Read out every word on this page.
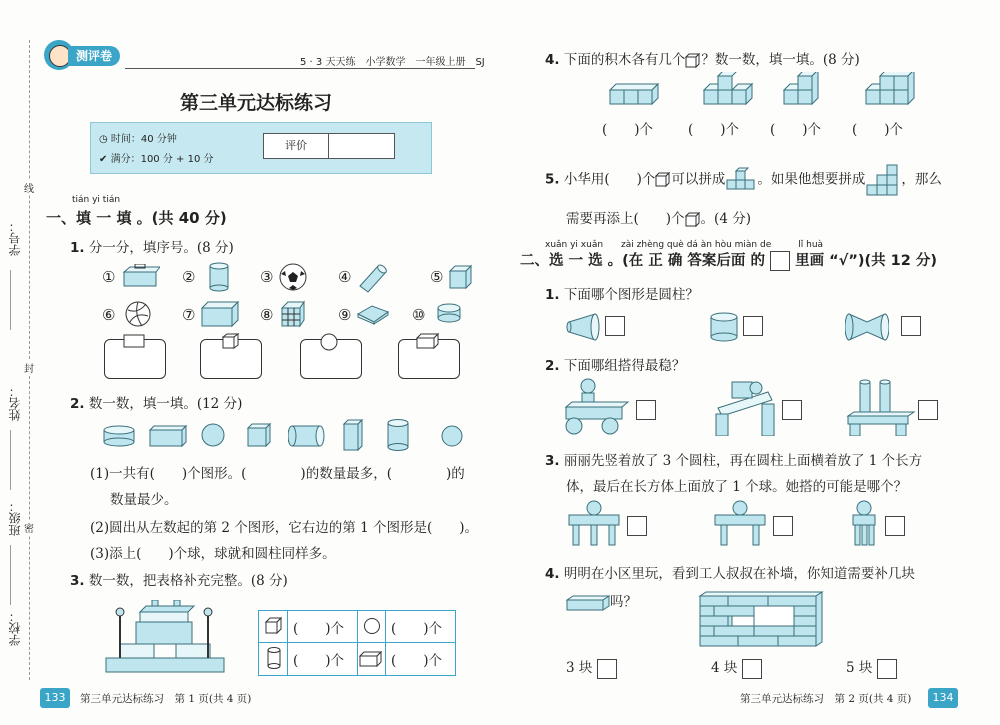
学号：
线
姓名：
封
班级： 密
学校：
测评卷	5 · 3 天天练　小学数学　一年级上册　SJ
第三单元达标练习
◷ 时间：40 分钟
✔ 满分：100 分 + 10 分
评价
tián yi tián
一、填 一 填 。(共 40 分)
1. 分一分，填序号。(8 分)
①	②	③	④	⑤
⑥	⑦	⑧	⑨	⑩
2. 数一数，填一填。(12 分)
(1)一共有(　　)个图形。(　　　　)的数量最多，(　　　　)的
数量最少。
(2)圆出从左数起的第 2 个图形，它右边的第 1 个图形是(　　)。
(3)添上(　　)个球，球就和圆柱同样多。
3. 数一数，把表格补充完整。(8 分)
(　　)个	(　　)个
(　　)个	(　　)个
133	第三单元达标练习　第 1 页(共 4 页)
4. 下面的积木各有几个 ？数一数，填一填。(8 分)
(　　)个	(　　)个 (　　)个 (　　)个
5. 小华用(　　)个 可以拼成 。如果他想要拼成	，那么
需要再添上(　　)个 。(4 分)
xuǎn yi xuǎn　　zài zhèng què dá àn hòu miàn de　　　lǐ huà
二、选 一 选 。(在 正 确 答案后面 的 里画 “√”)(共 12 分)
1. 下面哪个图形是圆柱？
2. 下面哪组搭得最稳？
3. 丽丽先竖着放了 3 个圆柱，再在圆柱上面横着放了 1 个长方
体，最后在长方体上面放了 1 个球。她搭的可能是哪个？
4. 明明在小区里玩，看到工人叔叔在补墙，你知道需要补几块
吗？
3 块	4 块	5 块
第三单元达标练习　第 2 页(共 4 页)	134
